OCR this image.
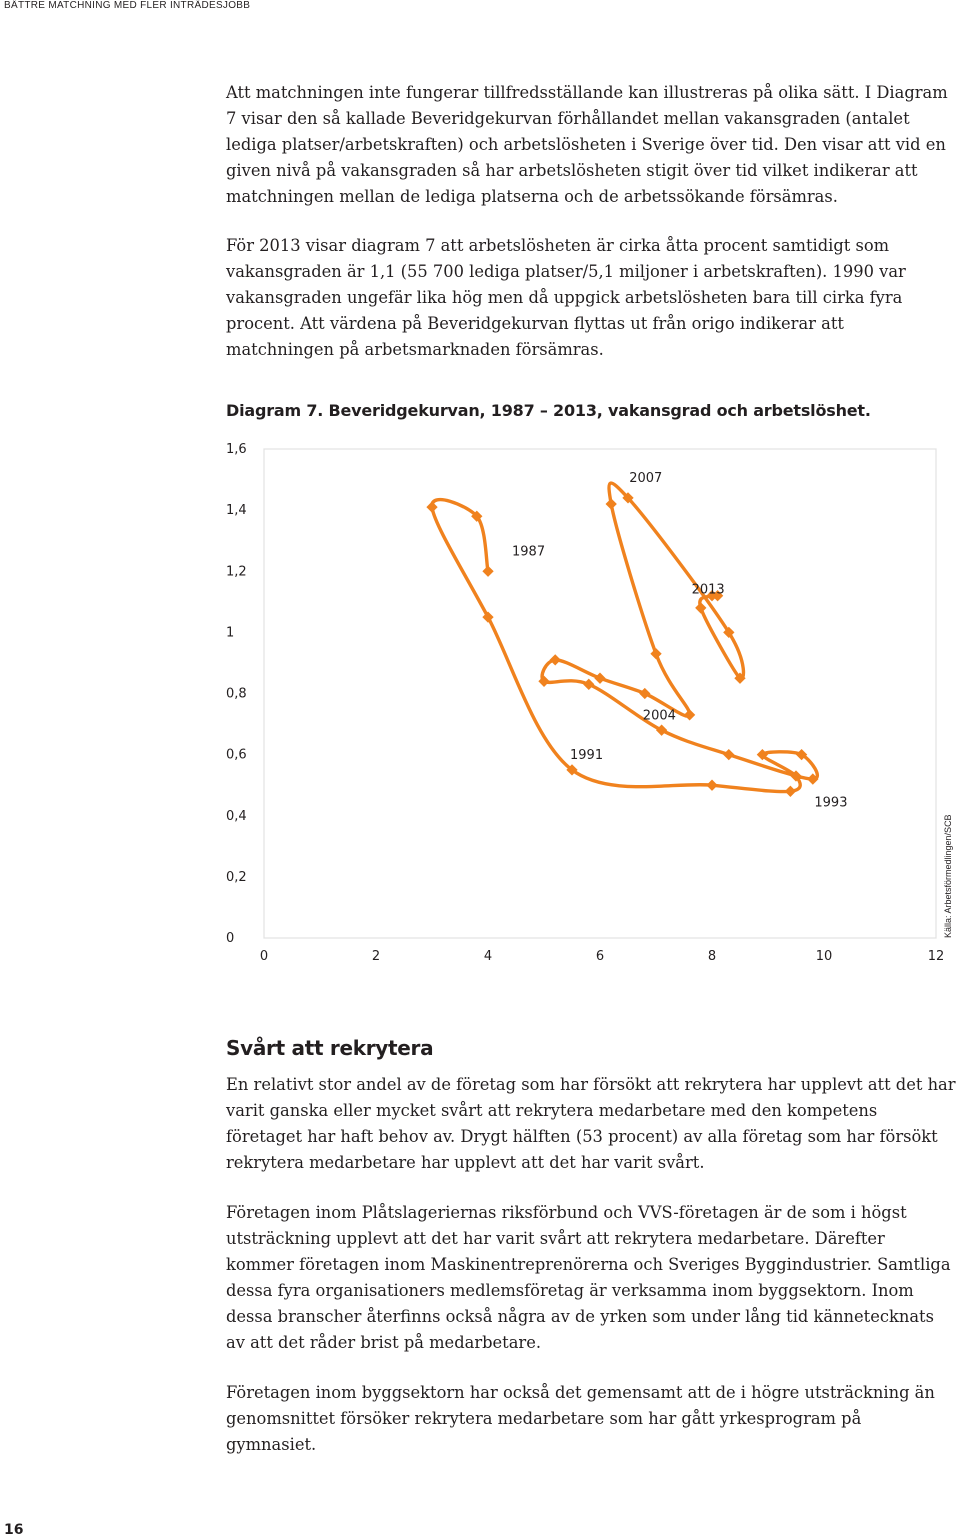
BÄTTRE MATCHNING MED FLER INTRÄDESJOBB

Att matchningen inte fungerar tillfredsställande kan illustreras på olika sätt. I Diagram 7 visar den så kallade Beveridgekurvan förhållandet mellan vakansgraden (antalet lediga platser/arbetskraften) och arbetslösheten i Sverige över tid. Den visar att vid en given nivå på vakansgraden så har arbetslösheten stigit över tid vilket indikerar att matchningen mellan de lediga platserna och de arbetssökande försämras.

För 2013 visar diagram 7 att arbetslösheten är cirka åtta procent samtidigt som vakansgraden är 1,1 (55 700 lediga platser/5,1 miljoner i arbetskraften). 1990 var vakansgraden ungefär lika hög men då uppgick arbetslösheten bara till cirka fyra procent. Att värdena på Beveridgekurvan flyttas ut från origo indikerar att matchningen på arbetsmarknaden försämras.

Diagram 7. Beveridgekurvan, 1987 – 2013, vakansgrad och arbetslöshet.
0
0,2
0,4
0,6
0,8
1
1,2
1,4
1,6
0	2	4	6	8	10	12
1987
2007
2013
1991
2004
1993
Källa: Arbetsförmedlingen/SCB
Svårt att rekrytera

En relativt stor andel av de företag som har försökt att rekrytera har upplevt att det har varit ganska eller mycket svårt att rekrytera medarbetare med den kompetens företaget har haft behov av. Drygt hälften (53 procent) av alla företag som har försökt rekrytera medarbetare har upplevt att det har varit svårt.

Företagen inom Plåtslageriernas riksförbund och VVS-företagen är de som i högst utsträckning upplevt att det har varit svårt att rekrytera medarbetare. Därefter kommer företagen inom Maskinentreprenörerna och Sveriges Byggindustrier. Samtliga dessa fyra organisationers medlemsföretag är verksamma inom byggsektorn. Inom dessa branscher återfinns också några av de yrken som under lång tid kännetecknats av att det råder brist på medarbetare.

Företagen inom byggsektorn har också det gemensamt att de i högre utsträckning än genomsnittet försöker rekrytera medarbetare som har gått yrkesprogram på gymnasiet.

16
